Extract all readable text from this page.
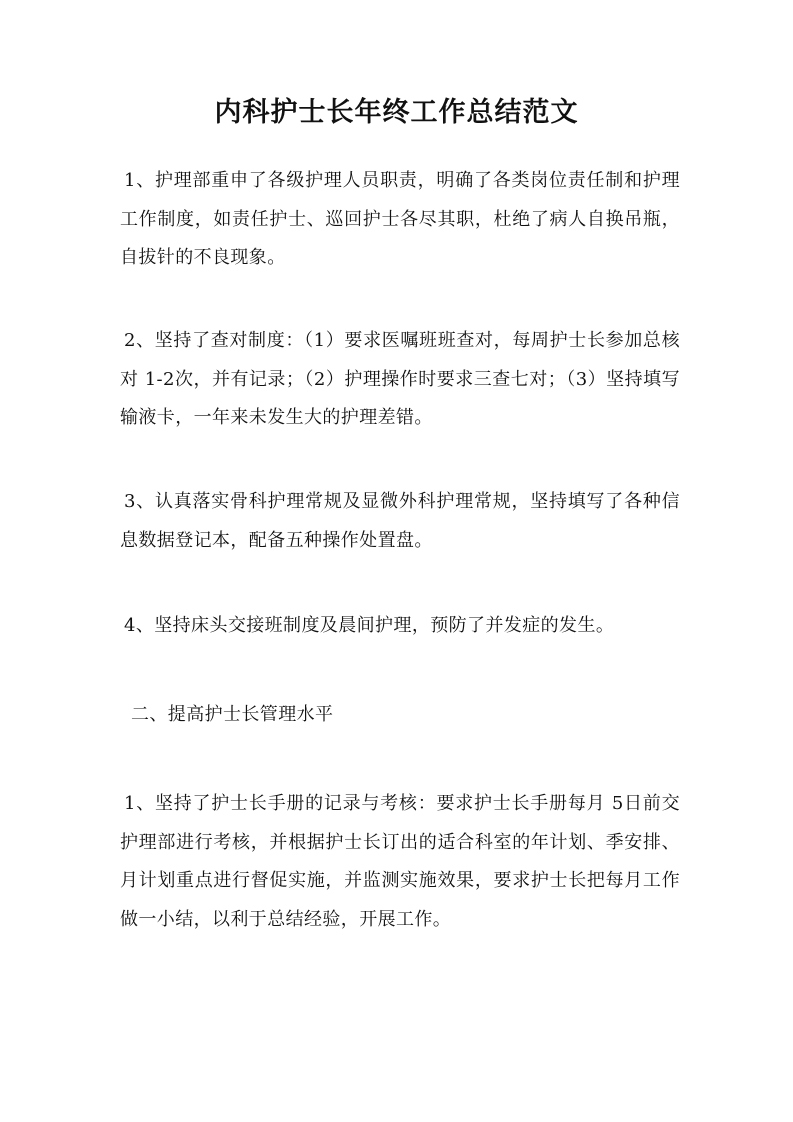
内科护士长年终工作总结范文

1、护理部重申了各级护理人员职责，明确了各类岗位责任制和护理工作制度，如责任护士、巡回护士各尽其职，杜绝了病人自换吊瓶，自拔针的不良现象。

2、坚持了查对制度：（1）要求医嘱班班查对，每周护士长参加总核对 1-2次，并有记录；（2）护理操作时要求三查七对；（3）坚持填写输液卡，一年来未发生大的护理差错。

3、认真落实骨科护理常规及显微外科护理常规，坚持填写了各种信息数据登记本，配备五种操作处置盘。

4、坚持床头交接班制度及晨间护理，预防了并发症的发生。

二、提高护士长管理水平

1、坚持了护士长手册的记录与考核：要求护士长手册每月 5日前交护理部进行考核，并根据护士长订出的适合科室的年计划、季安排、月计划重点进行督促实施，并监测实施效果，要求护士长把每月工作做一小结，以利于总结经验，开展工作。
